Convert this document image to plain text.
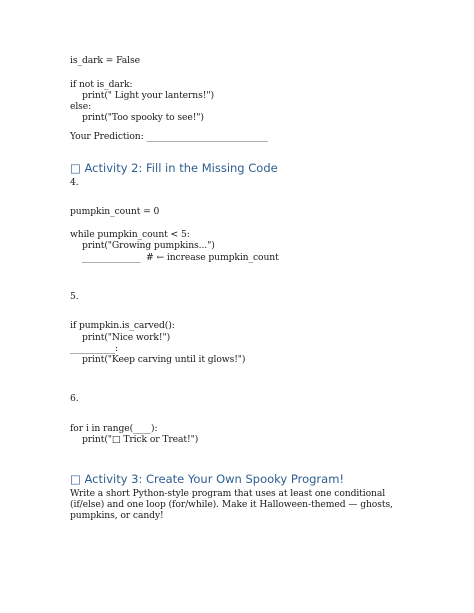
is_dark = False
if not is_dark:
print(" Light your lanterns!")
else:
print("Too spooky to see!")
Your Prediction: ___________________________
□ Activity 2: Fill in the Missing Code
4.
pumpkin_count = 0
while pumpkin_count < 5:
print("Growing pumpkins...")
_____________  # ← increase pumpkin_count
5.
if pumpkin.is_carved():
print("Nice work!")
__________:
print("Keep carving until it glows!")
6.
for i in range(____):
print("□ Trick or Treat!")
□ Activity 3: Create Your Own Spooky Program!
Write a short Python-style program that uses at least one conditional (if/else) and one loop (for/while). Make it Halloween-themed — ghosts, pumpkins, or candy!
